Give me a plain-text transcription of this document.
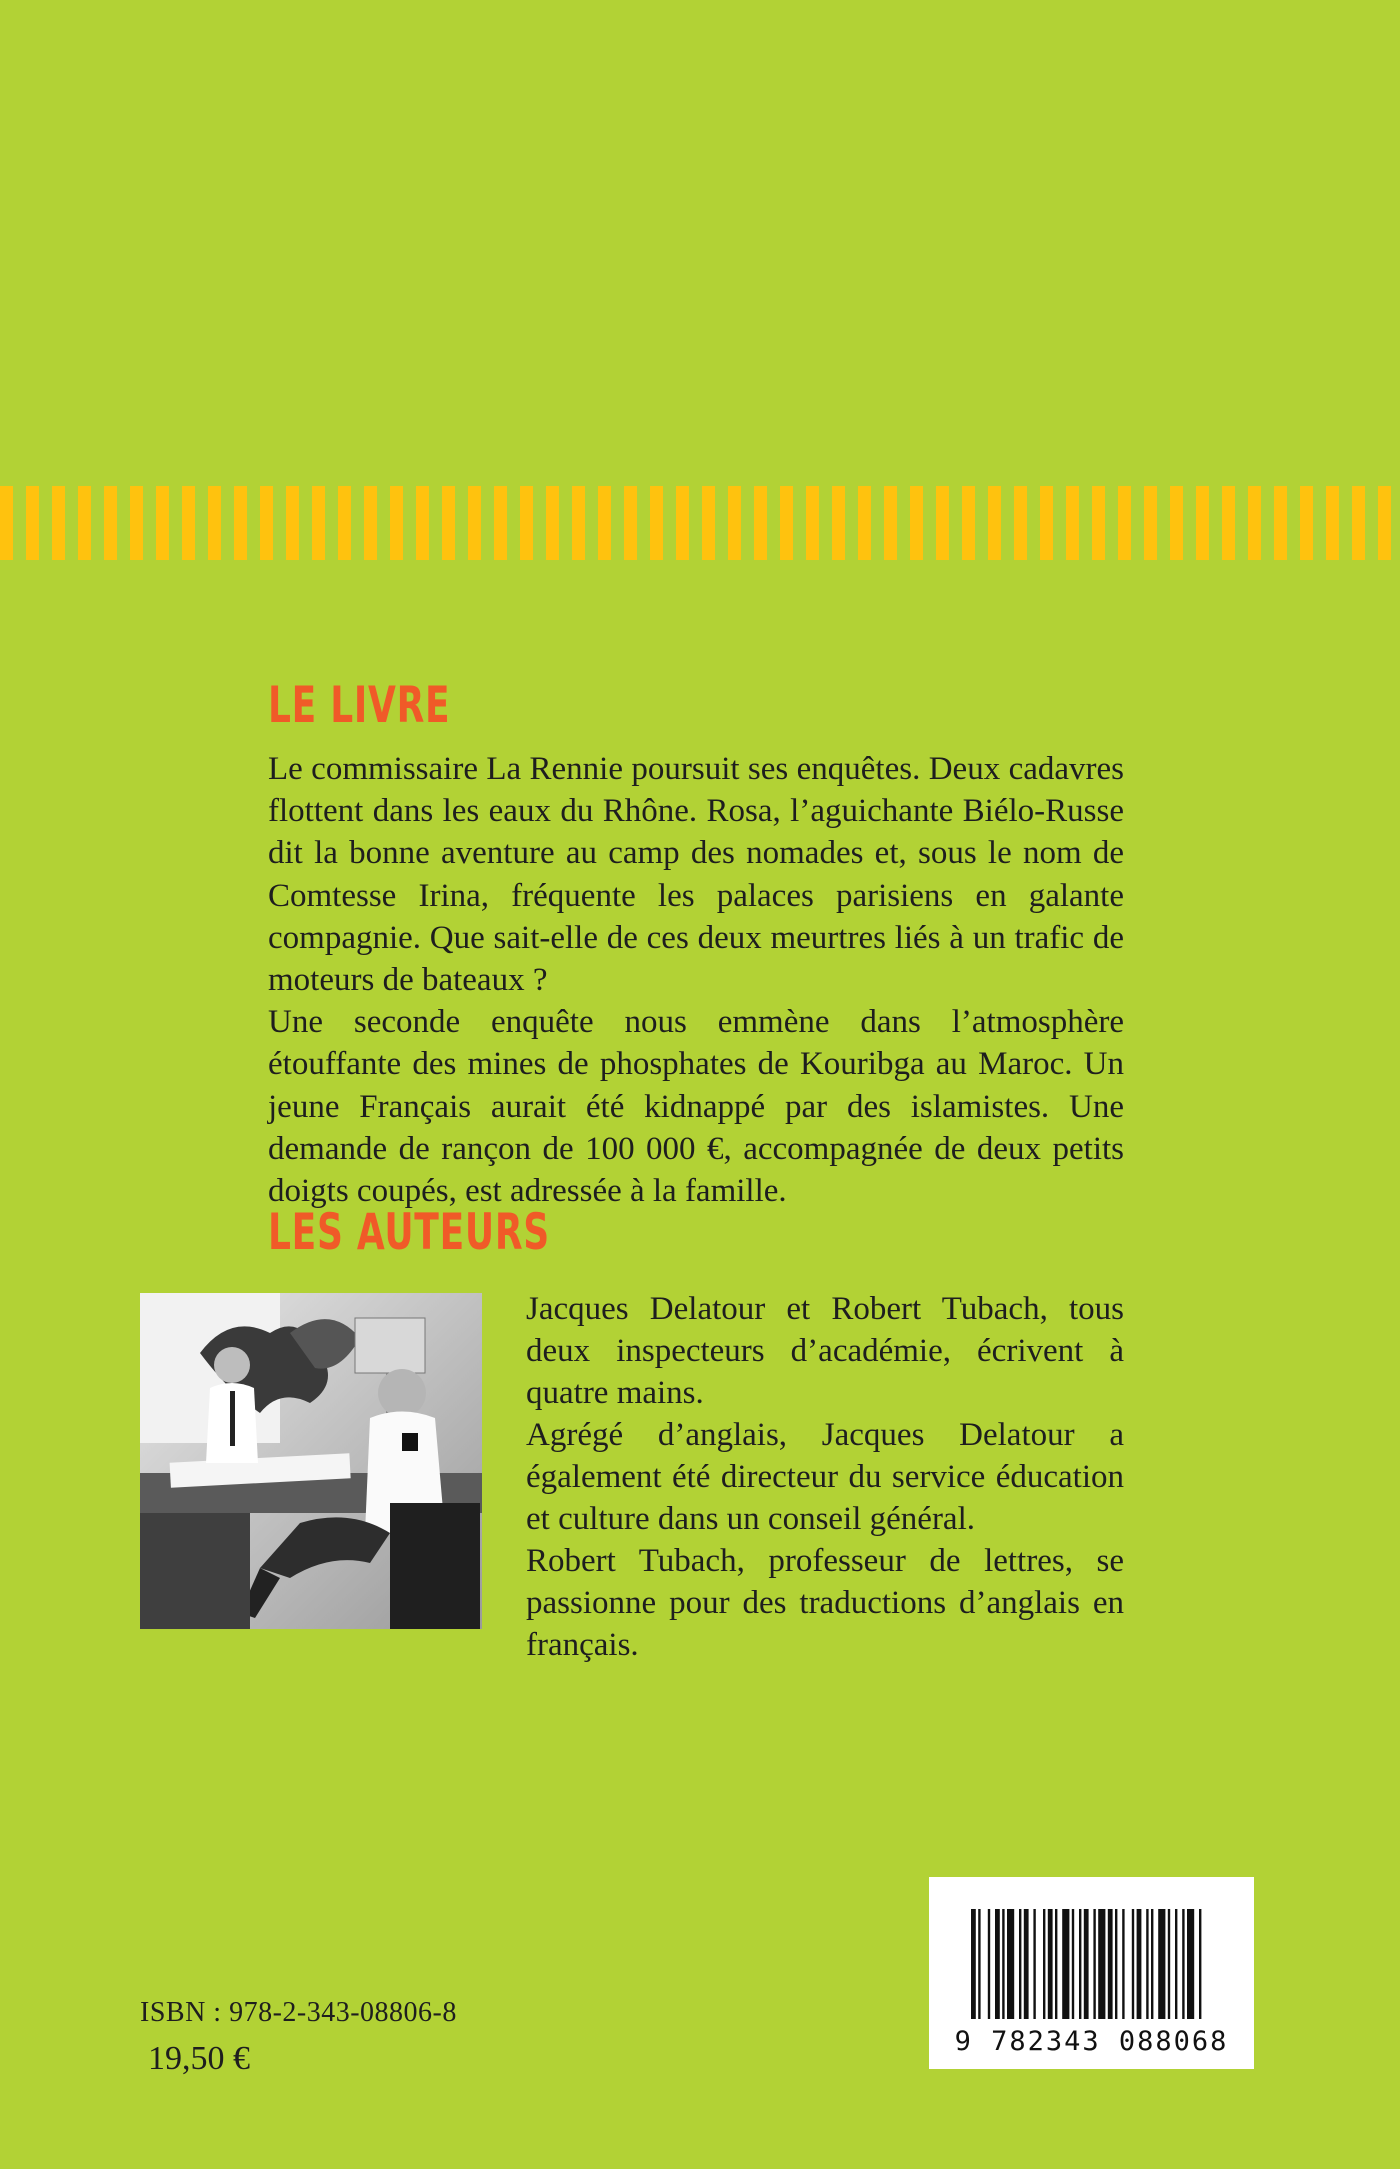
LE LIVRE

Le commissaire La Rennie poursuit ses enquêtes. Deux cadavres flottent dans les eaux du Rhône. Rosa, l’aguichante Biélo-Russe dit la bonne aventure au camp des nomades et, sous le nom de Comtesse Irina, fréquente les palaces parisiens en galante compagnie. Que sait-elle de ces deux meurtres liés à un trafic de moteurs de bateaux ?

Une seconde enquête nous emmène dans l’atmosphère étouffante des mines de phosphates de Kouribga au Maroc. Un jeune Français aurait été kidnappé par des islamistes. Une demande de rançon de 100 000 €, accompagnée de deux petits doigts coupés, est adressée à la famille.

LES AUTEURS

Jacques Delatour et Robert Tubach, tous deux inspecteurs d’académie, écrivent à quatre mains.

Agrégé d’anglais, Jacques Delatour a également été directeur du service éducation et culture dans un conseil général.

Robert Tubach, professeur de lettres, se passionne pour des traductions d’anglais en français.

ISBN : 978-2-343-08806-8
19,50 €	9 782343 088068
